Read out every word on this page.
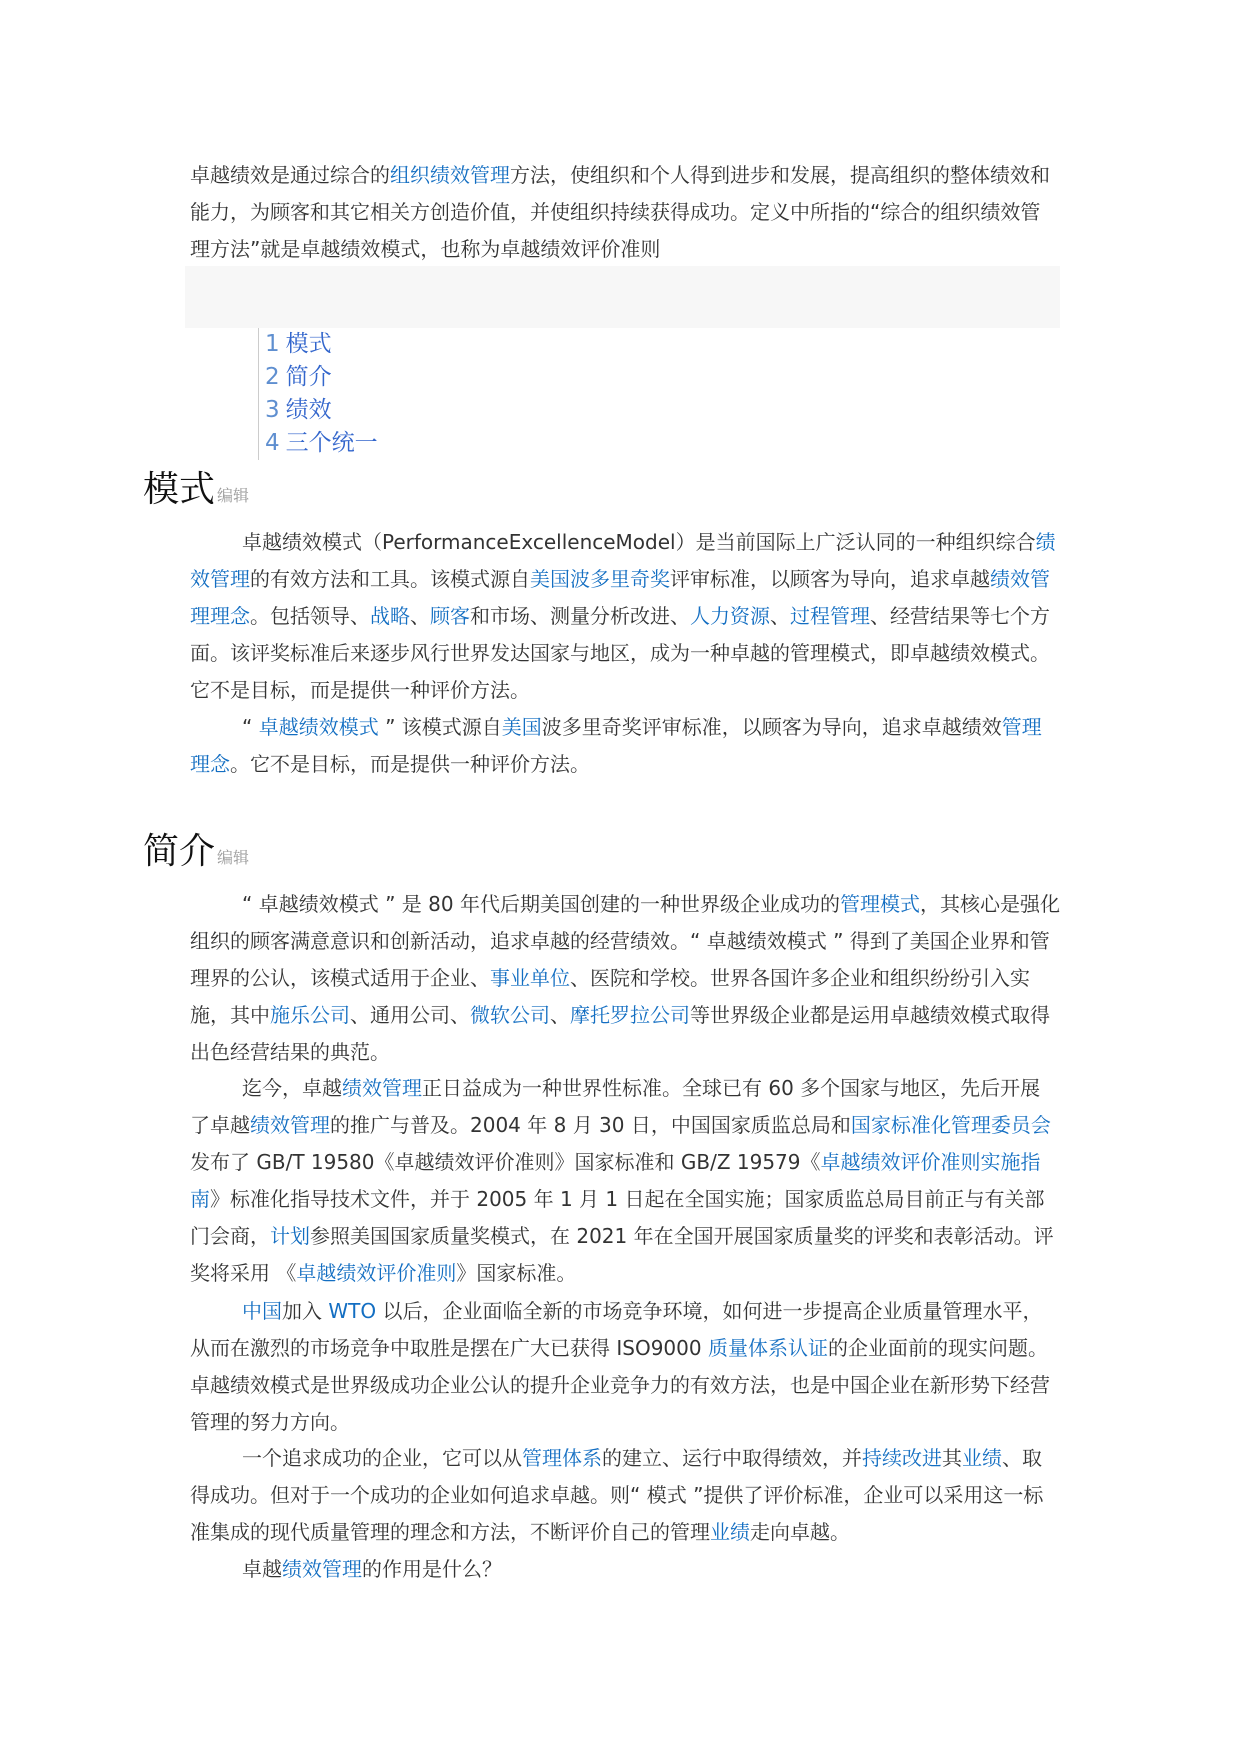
卓越绩效是通过综合的组织绩效管理方法，使组织和个人得到进步和发展，提高组织的整体绩效和能力，为顾客和其它相关方创造价值，并使组织持续获得成功。定义中所指的“综合的组织绩效管理方法”就是卓越绩效模式，也称为卓越绩效评价准则

1 模式
2 简介
3 绩效
4 三个统一
模式 编辑

卓越绩效模式（PerformanceExcellenceModel）是当前国际上广泛认同的一种组织综合绩效管理的有效方法和工具。该模式源自美国波多里奇奖评审标准，以顾客为导向，追求卓越绩效管理理念。包括领导、战略、顾客和市场、测量分析改进、人力资源、过程管理、经营结果等七个方面。该评奖标准后来逐步风行世界发达国家与地区，成为一种卓越的管理模式，即卓越绩效模式。它不是目标，而是提供一种评价方法。

“ 卓越绩效模式 ” 该模式源自美国波多里奇奖评审标准，以顾客为导向，追求卓越绩效管理理念。它不是目标，而是提供一种评价方法。

简介 编辑

“ 卓越绩效模式 ” 是 80 年代后期美国创建的一种世界级企业成功的管理模式，其核心是强化组织的顾客满意意识和创新活动，追求卓越的经营绩效。“ 卓越绩效模式 ” 得到了美国企业界和管理界的公认，该模式适用于企业、事业单位、医院和学校。世界各国许多企业和组织纷纷引入实施，其中施乐公司、通用公司、微软公司、摩托罗拉公司等世界级企业都是运用卓越绩效模式取得出色经营结果的典范。

迄今，卓越绩效管理正日益成为一种世界性标准。全球已有 60 多个国家与地区，先后开展了卓越绩效管理的推广与普及。2004 年 8 月 30 日，中国国家质监总局和国家标准化管理委员会发布了 GB/T 19580《卓越绩效评价准则》国家标准和 GB/Z 19579《卓越绩效评价准则实施指南》标准化指导技术文件，并于 2005 年 1 月 1 日起在全国实施；国家质监总局目前正与有关部门会商，计划参照美国国家质量奖模式，在 2021 年在全国开展国家质量奖的评奖和表彰活动。评奖将采用 《卓越绩效评价准则》国家标准。

中国加入 WTO 以后，企业面临全新的市场竞争环境，如何进一步提高企业质量管理水平，从而在激烈的市场竞争中取胜是摆在广大已获得 ISO9000 质量体系认证的企业面前的现实问题。卓越绩效模式是世界级成功企业公认的提升企业竞争力的有效方法，也是中国企业在新形势下经营管理的努力方向。

一个追求成功的企业，它可以从管理体系的建立、运行中取得绩效，并持续改进其业绩、取得成功。但对于一个成功的企业如何追求卓越。则“ 模式 ”提供了评价标准，企业可以采用这一标准集成的现代质量管理的理念和方法，不断评价自己的管理业绩走向卓越。

卓越绩效管理的作用是什么？
